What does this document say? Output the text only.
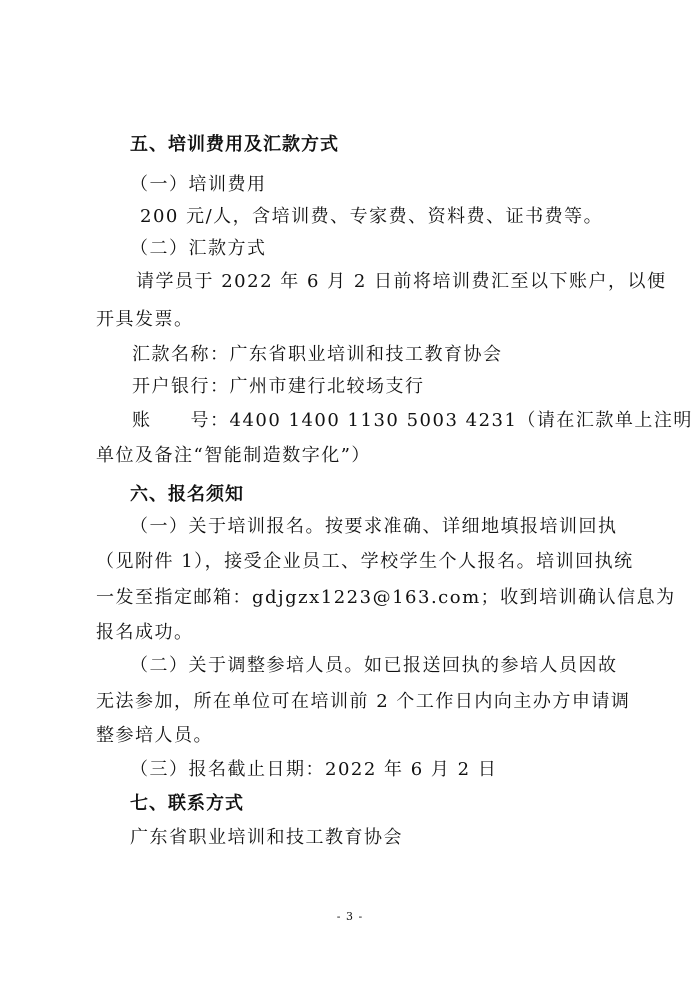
五、培训费用及汇款方式

（一）培训费用

200 元/人，含培训费、专家费、资料费、证书费等。

（二）汇款方式

请学员于 2022 年 6 月 2 日前将培训费汇至以下账户，以便

开具发票。

汇款名称：广东省职业培训和技工教育协会

开户银行：广州市建行北较场支行

账　　号：4400 1400 1130 5003 4231（请在汇款单上注明

单位及备注“智能制造数字化”）

六、报名须知

（一）关于培训报名。按要求准确、详细地填报培训回执

（见附件 1），接受企业员工、学校学生个人报名。培训回执统

一发至指定邮箱：gdjgzx1223@163.com；收到培训确认信息为

报名成功。

（二）关于调整参培人员。如已报送回执的参培人员因故

无法参加，所在单位可在培训前 2 个工作日内向主办方申请调

整参培人员。

（三）报名截止日期：2022 年 6 月 2 日

七、联系方式

广东省职业培训和技工教育协会

- 3 -
